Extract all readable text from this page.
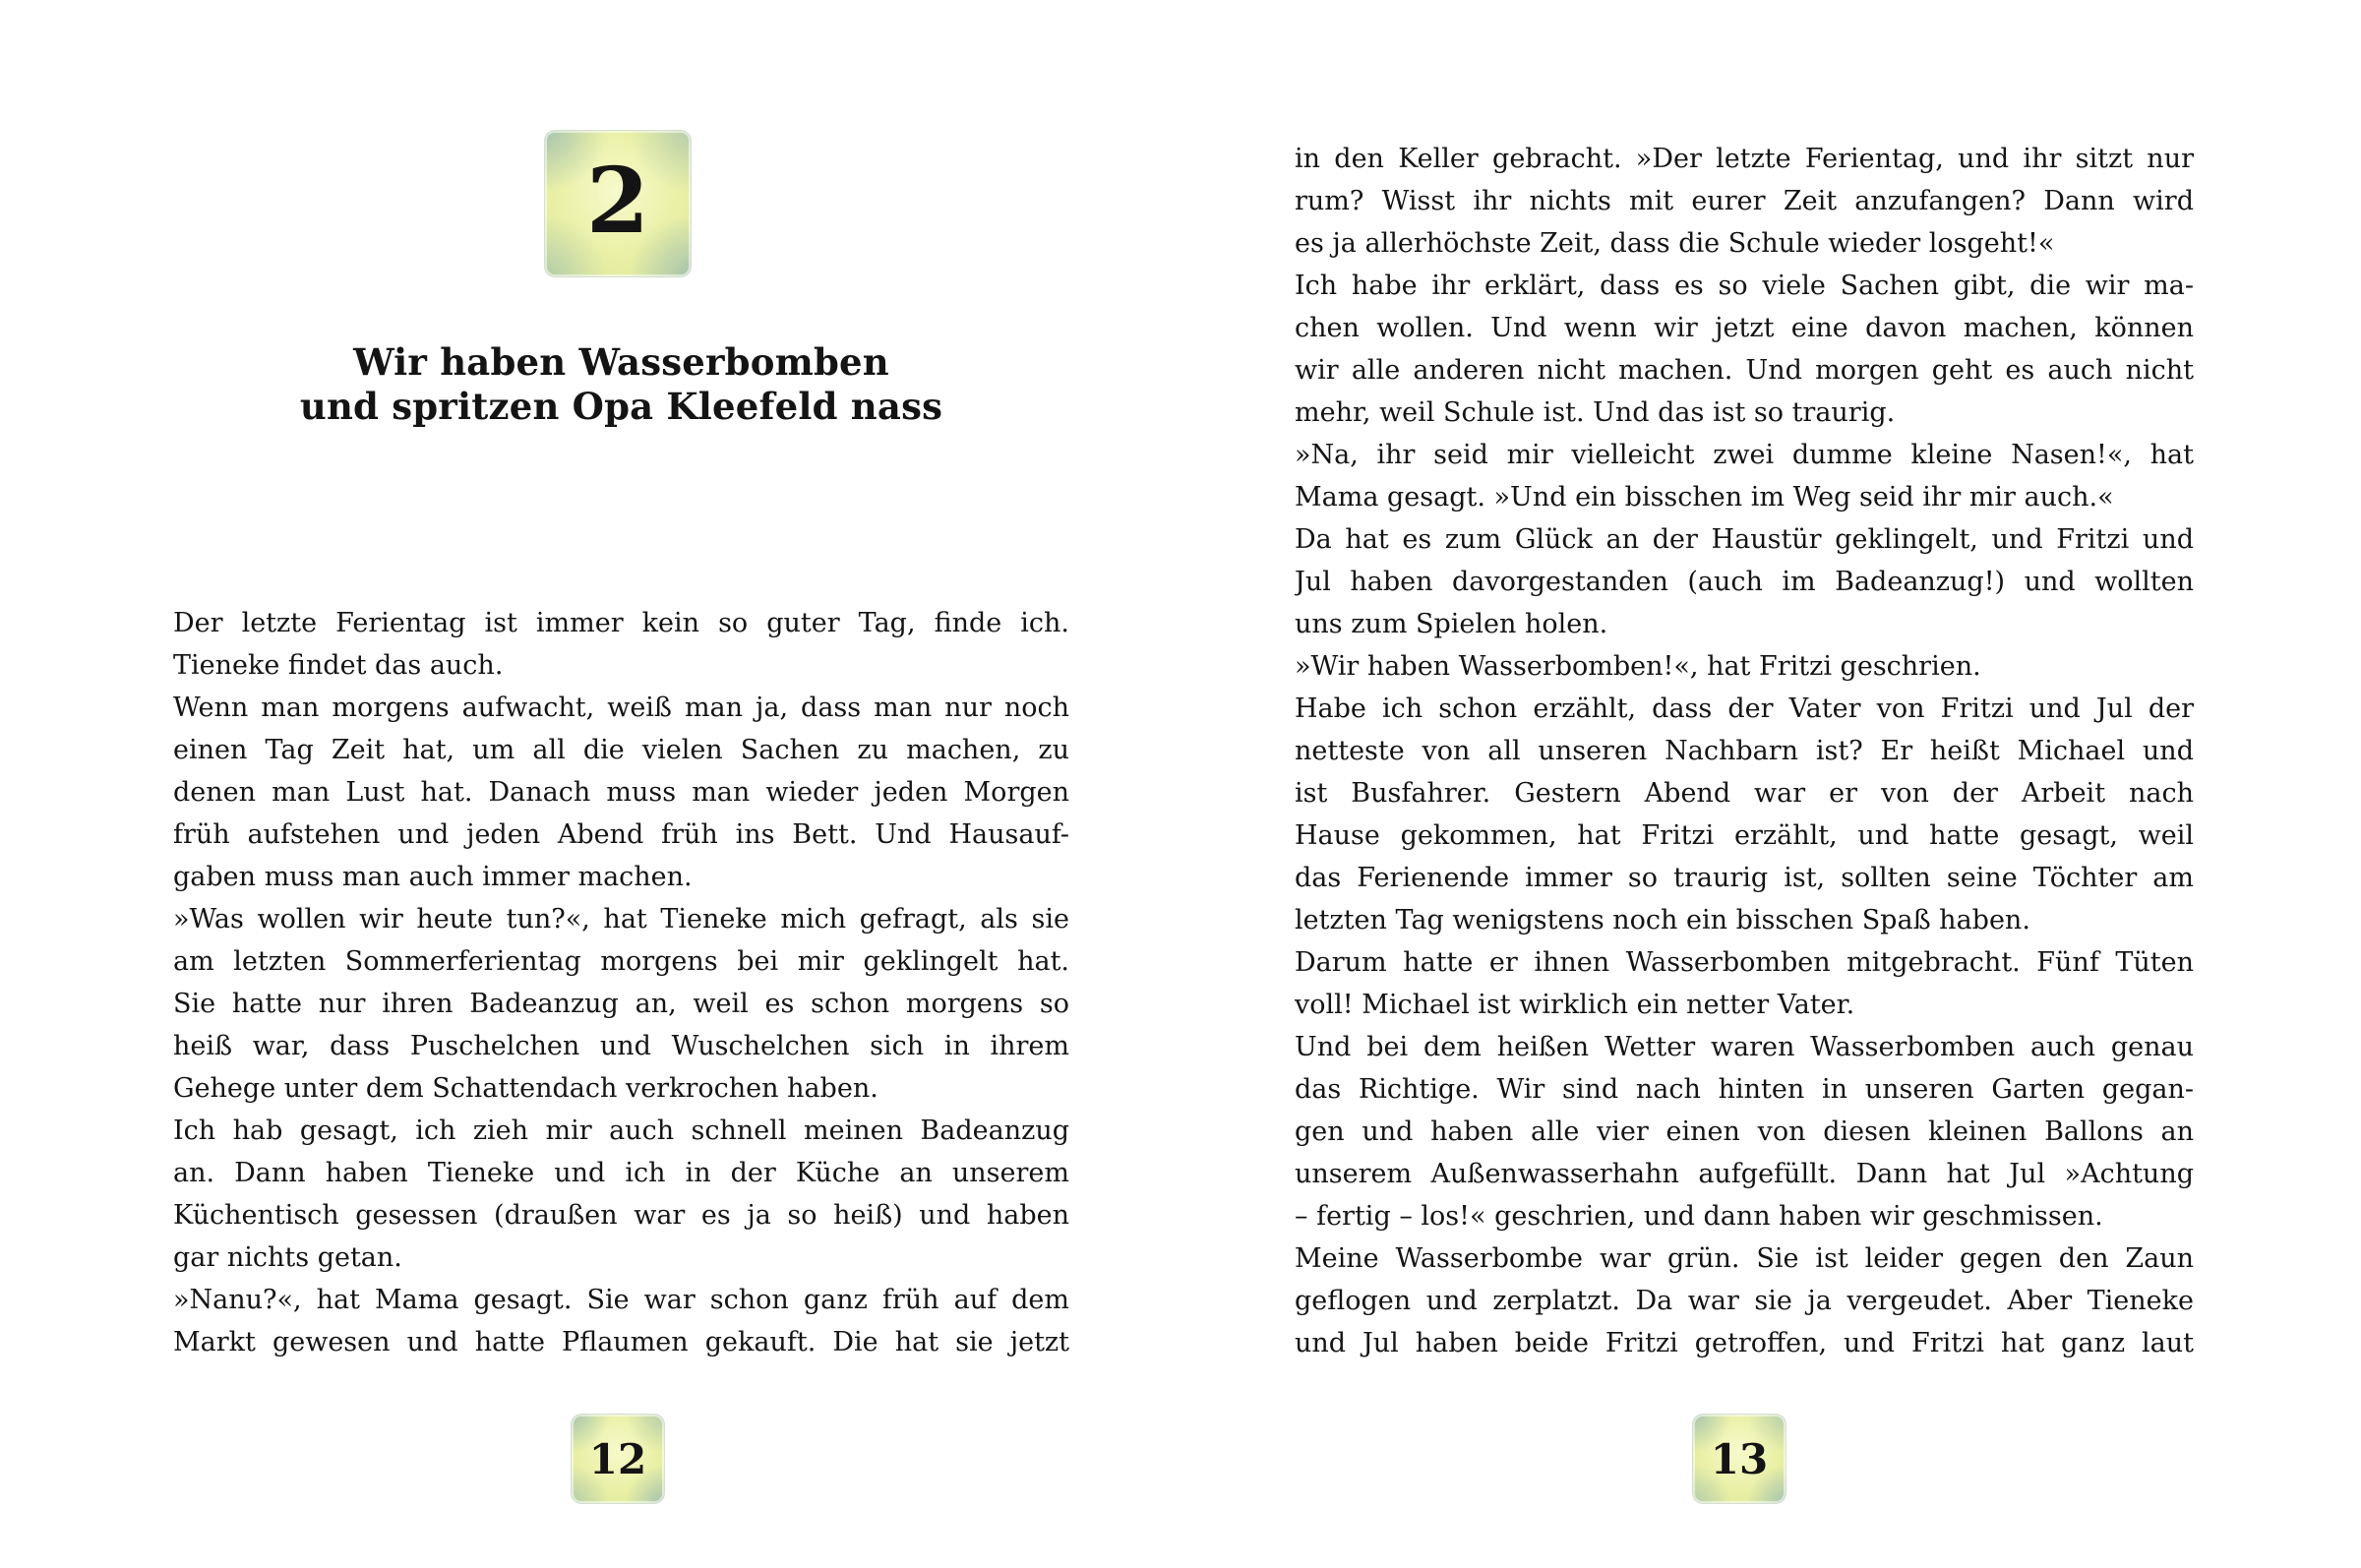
2
Wir haben Wasserbomben
und spritzen Opa Kleefeld nass
Der letzte Ferientag ist immer kein so guter Tag, finde ich.
Tieneke findet das auch.
Wenn man morgens aufwacht, weiß man ja, dass man nur noch
einen Tag Zeit hat, um all die vielen Sachen zu machen, zu
denen man Lust hat. Danach muss man wieder jeden Morgen
früh aufstehen und jeden Abend früh ins Bett. Und Hausauf-
gaben muss man auch immer machen.
»Was wollen wir heute tun?«, hat Tieneke mich gefragt, als sie
am letzten Sommerferientag morgens bei mir geklingelt hat.
Sie hatte nur ihren Badeanzug an, weil es schon morgens so
heiß war, dass Puschelchen und Wuschelchen sich in ihrem
Gehege unter dem Schattendach verkrochen haben.
Ich hab gesagt, ich zieh mir auch schnell meinen Badeanzug
an. Dann haben Tieneke und ich in der Küche an unserem
Küchentisch gesessen (draußen war es ja so heiß) und haben
gar nichts getan.
»Nanu?«, hat Mama gesagt. Sie war schon ganz früh auf dem
Markt gewesen und hatte Pflaumen gekauft. Die hat sie jetzt
12
in den Keller gebracht. »Der letzte Ferientag, und ihr sitzt nur
rum? Wisst ihr nichts mit eurer Zeit anzufangen? Dann wird
es ja allerhöchste Zeit, dass die Schule wieder losgeht!«
Ich habe ihr erklärt, dass es so viele Sachen gibt, die wir ma-
chen wollen. Und wenn wir jetzt eine davon machen, können
wir alle anderen nicht machen. Und morgen geht es auch nicht
mehr, weil Schule ist. Und das ist so traurig.
»Na, ihr seid mir vielleicht zwei dumme kleine Nasen!«, hat
Mama gesagt. »Und ein bisschen im Weg seid ihr mir auch.«
Da hat es zum Glück an der Haustür geklingelt, und Fritzi und
Jul haben davorgestanden (auch im Badeanzug!) und wollten
uns zum Spielen holen.
»Wir haben Wasserbomben!«, hat Fritzi geschrien.
Habe ich schon erzählt, dass der Vater von Fritzi und Jul der
netteste von all unseren Nachbarn ist? Er heißt Michael und
ist Busfahrer. Gestern Abend war er von der Arbeit nach
Hause gekommen, hat Fritzi erzählt, und hatte gesagt, weil
das Ferienende immer so traurig ist, sollten seine Töchter am
letzten Tag wenigstens noch ein bisschen Spaß haben.
Darum hatte er ihnen Wasserbomben mitgebracht. Fünf Tüten
voll! Michael ist wirklich ein netter Vater.
Und bei dem heißen Wetter waren Wasserbomben auch genau
das Richtige. Wir sind nach hinten in unseren Garten gegan-
gen und haben alle vier einen von diesen kleinen Ballons an
unserem Außenwasserhahn aufgefüllt. Dann hat Jul »Achtung
– fertig – los!« geschrien, und dann haben wir geschmissen.
Meine Wasserbombe war grün. Sie ist leider gegen den Zaun
geflogen und zerplatzt. Da war sie ja vergeudet. Aber Tieneke
und Jul haben beide Fritzi getroffen, und Fritzi hat ganz laut
13
